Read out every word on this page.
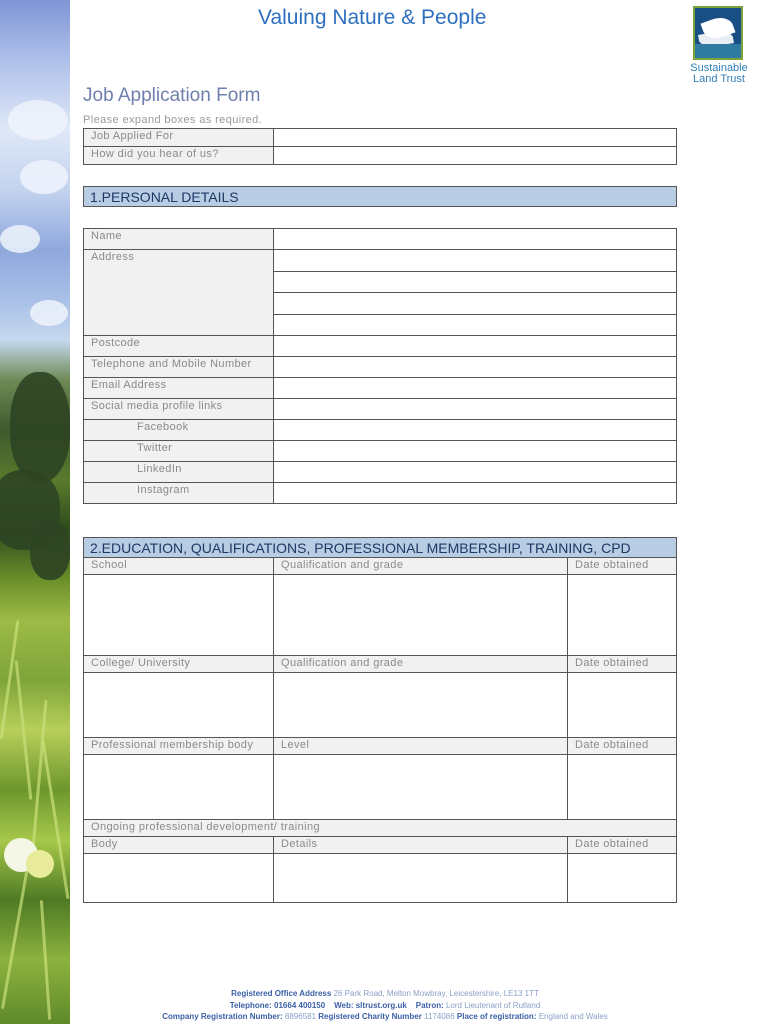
Valuing Nature & People
Sustainable
Land Trust
Job Application Form
Please expand boxes as required.
Job Applied For	
How did you hear of us?	
1.PERSONAL DETAILS
Name	
Address	

Postcode	
Telephone and Mobile Number	
Email Address	
Social media profile links	
Facebook	
Twitter	
LinkedIn	
Instagram	
2.EDUCATION, QUALIFICATIONS, PROFESSIONAL MEMBERSHIP, TRAINING, CPD
School	Qualification and grade	Date obtained
College/ University	Qualification and grade	Date obtained
Professional membership body	Level	Date obtained
Ongoing professional development/ training
Body	Details	Date obtained
Registered Office Address 26 Park Road, Melton Mowbray, Leicestershire, LE13 1TT
Telephone: 01664 400150 Web: sltrust.org.uk Patron: Lord Lieutenant of Rutland
Company Registration Number: 8896581 Registered Charity Number 1174086 Place of registration: England and Wales
